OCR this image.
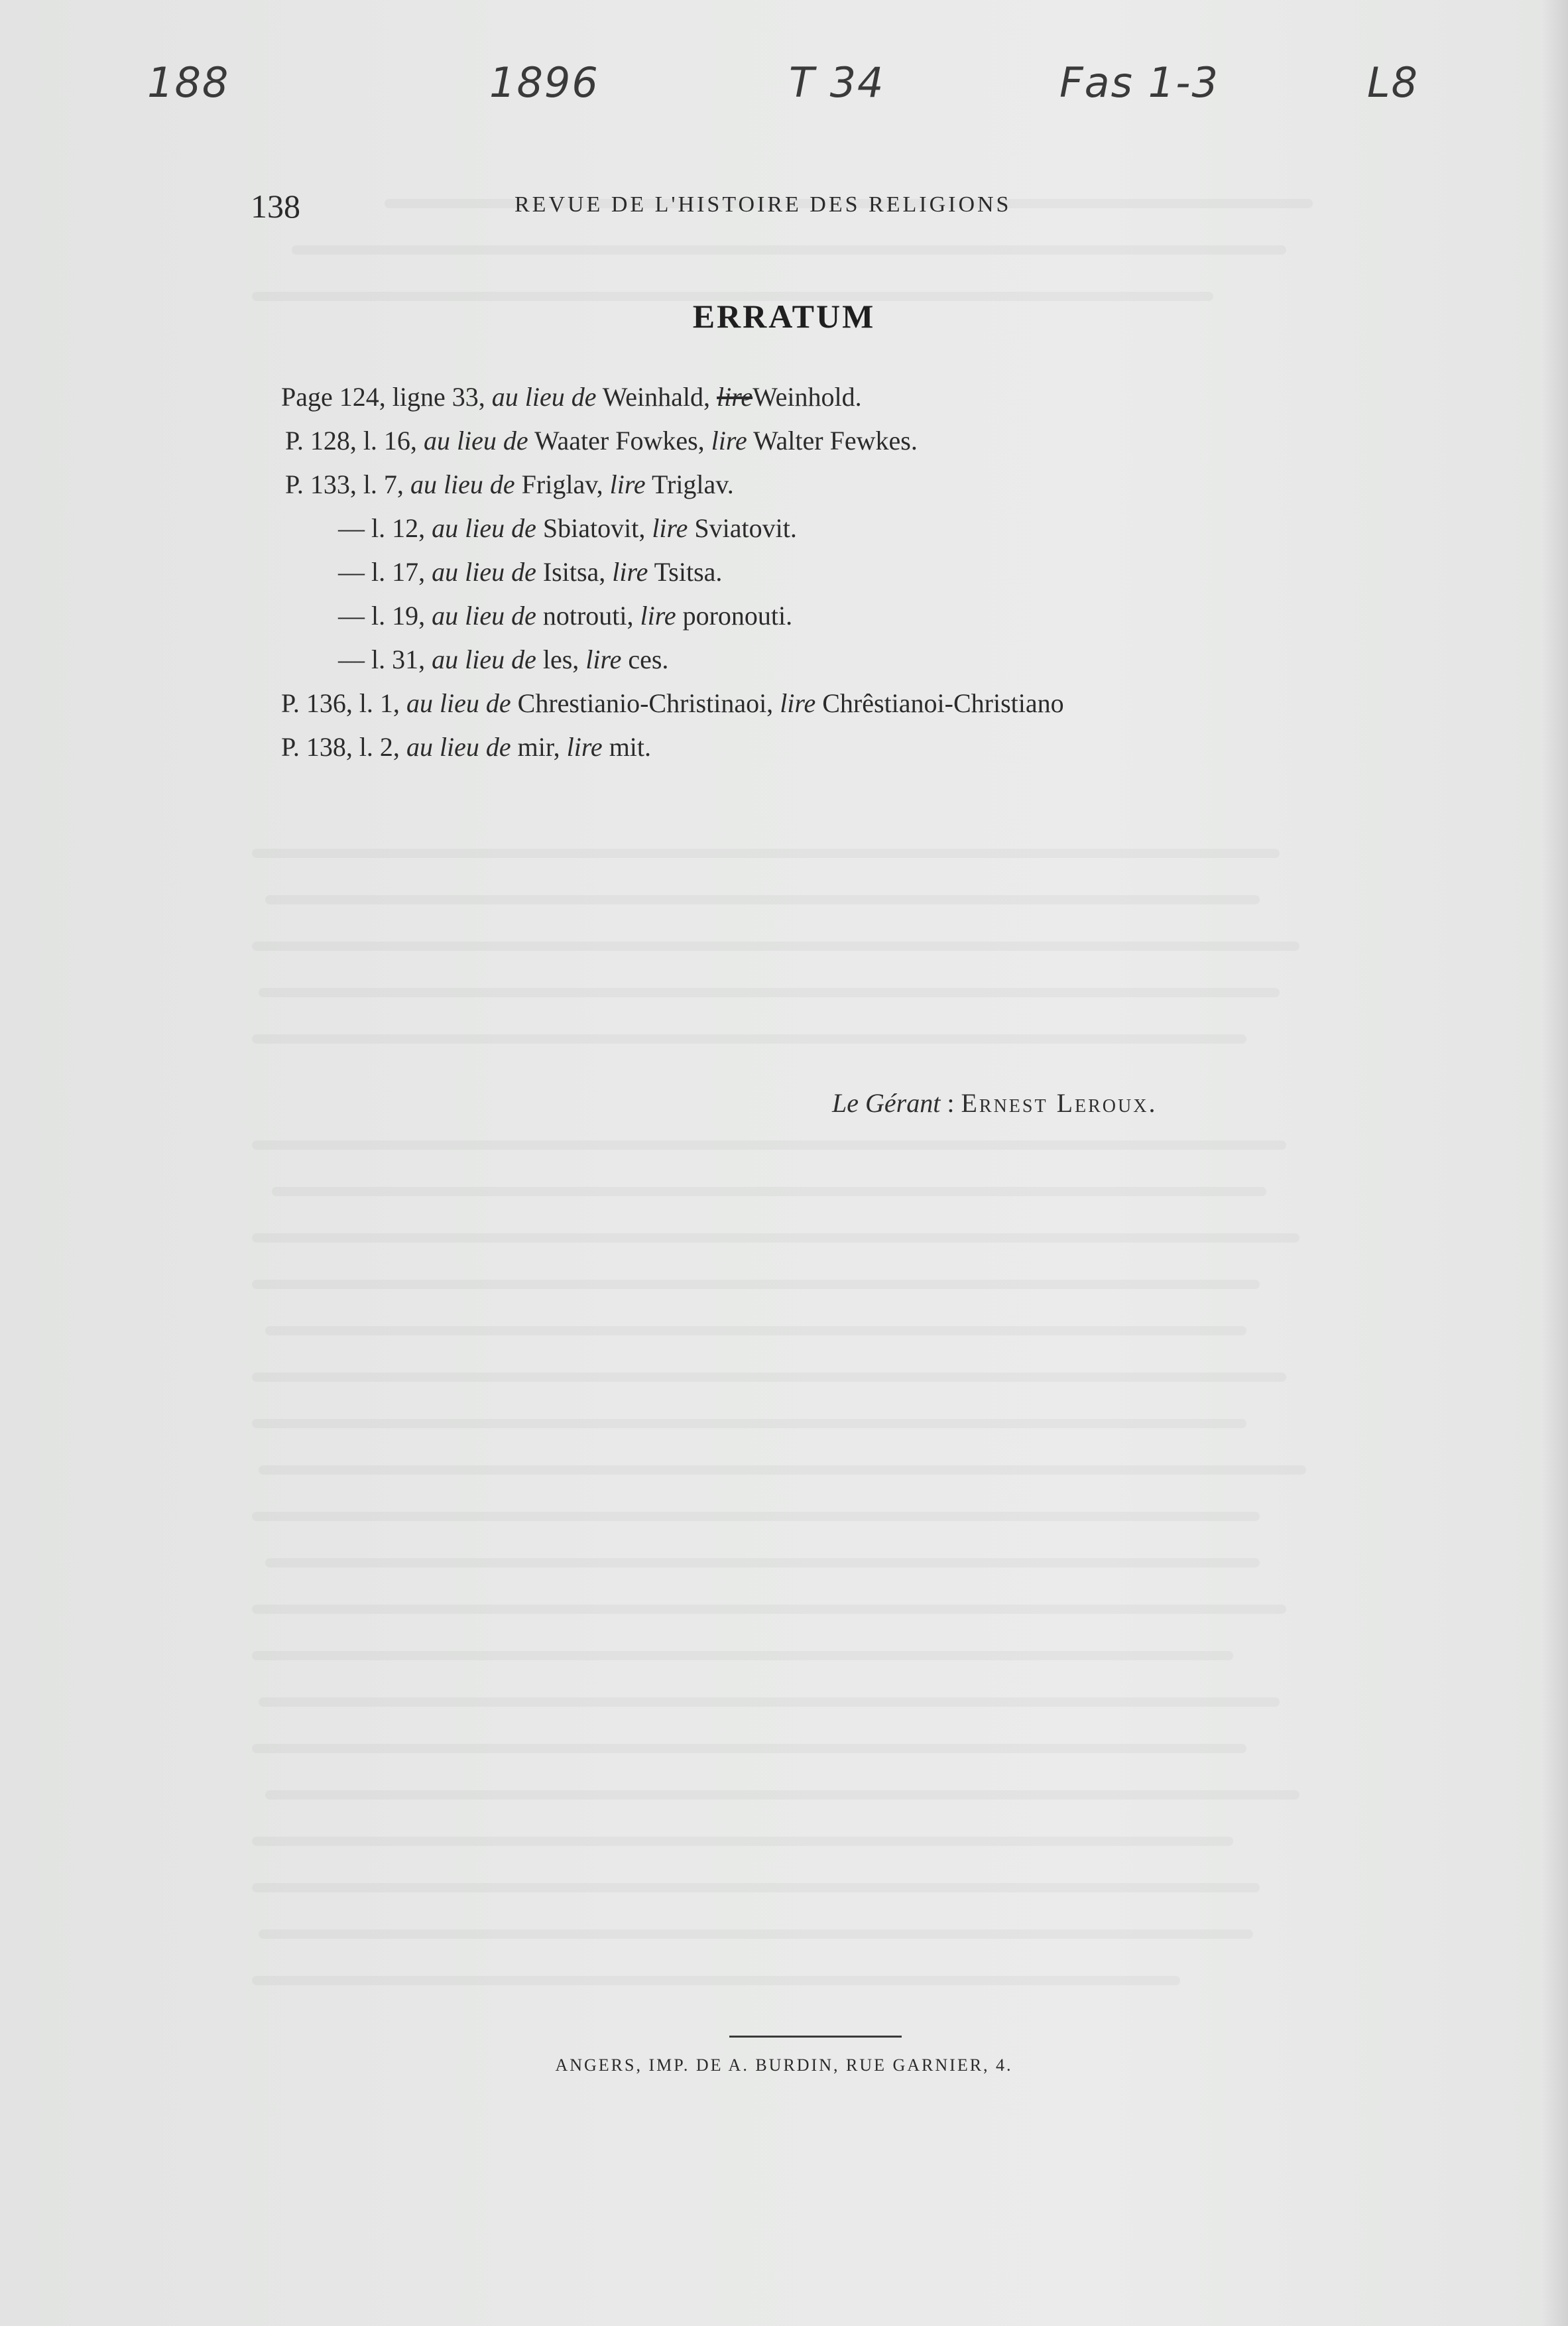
188	1896	T 34	Fas 1-3	L8
138	REVUE DE L'HISTOIRE DES RELIGIONS
ERRATUM
Page 124, ligne 33, au lieu de Weinhald, lireWeinhold.
P. 128, l. 16, au lieu de Waater Fowkes, lire Walter Fewkes.
P. 133, l. 7, au lieu de Friglav, lire Triglav.
— l. 12, au lieu de Sbiatovit, lire Sviatovit.
— l. 17, au lieu de Isitsa, lire Tsitsa.
— l. 19, au lieu de notrouti, lire poronouti.
— l. 31, au lieu de les, lire ces.
P. 136, l. 1, au lieu de Chrestianio-Christinaoi, lire Chrêstianoi-Christiano
P. 138, l. 2, au lieu de mir, lire mit.
Le Gérant : Ernest Leroux.
ANGERS, IMP. DE A. BURDIN, RUE GARNIER, 4.
